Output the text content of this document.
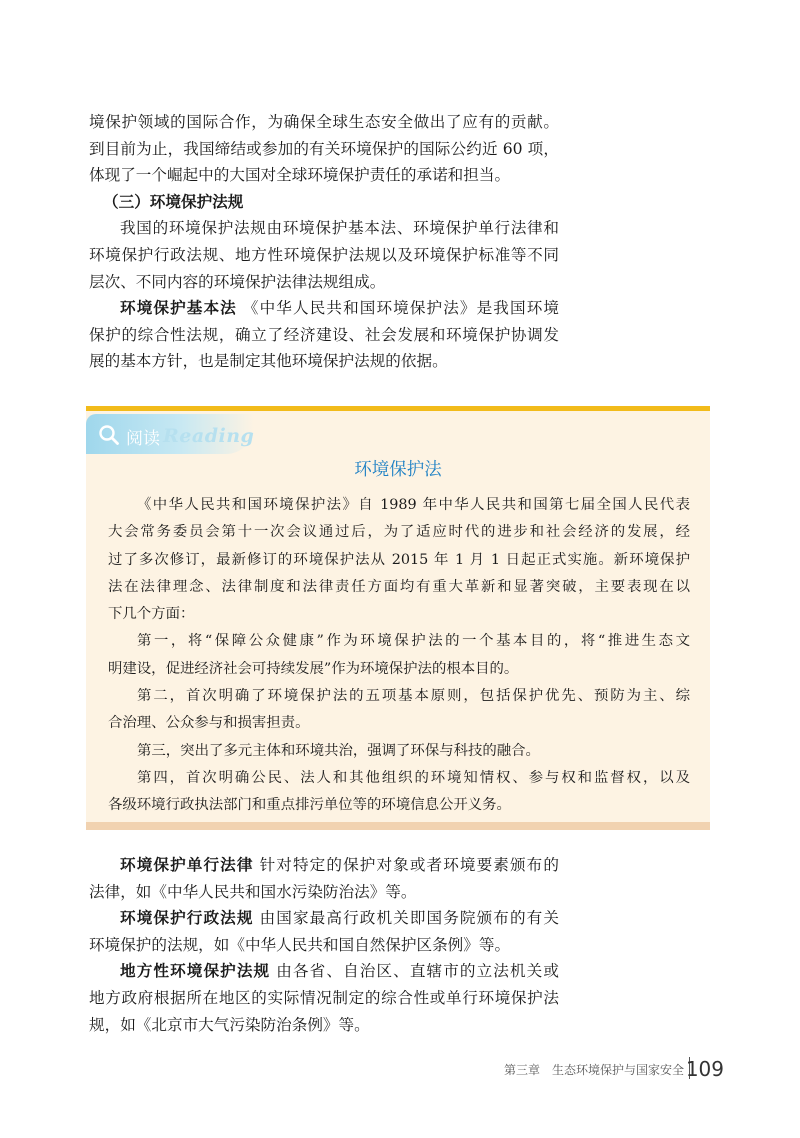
境保护领域的国际合作，为确保全球生态安全做出了应有的贡献。

到目前为止，我国缔结或参加的有关环境保护的国际公约近 60 项，

体现了一个崛起中的大国对全球环境保护责任的承诺和担当。

（三）环境保护法规

我国的环境保护法规由环境保护基本法、环境保护单行法律和

环境保护行政法规、地方性环境保护法规以及环境保护标准等不同

层次、不同内容的环境保护法律法规组成。

环境保护基本法 《中华人民共和国环境保护法》是我国环境

保护的综合性法规，确立了经济建设、社会发展和环境保护协调发

展的基本方针，也是制定其他环境保护法规的依据。

阅读 Reading
环境保护法

《中华人民共和国环境保护法》自 1989 年中华人民共和国第七届全国人民代表

大会常务委员会第十一次会议通过后，为了适应时代的进步和社会经济的发展，经

过了多次修订，最新修订的环境保护法从 2015 年 1 月 1 日起正式实施。新环境保护

法在法律理念、法律制度和法律责任方面均有重大革新和显著突破，主要表现在以

下几个方面：

第一，将“保障公众健康”作为环境保护法的一个基本目的，将“推进生态文

明建设，促进经济社会可持续发展”作为环境保护法的根本目的。

第二，首次明确了环境保护法的五项基本原则，包括保护优先、预防为主、综

合治理、公众参与和损害担责。

第三，突出了多元主体和环境共治，强调了环保与科技的融合。

第四，首次明确公民、法人和其他组织的环境知情权、参与权和监督权，以及

各级环境行政执法部门和重点排污单位等的环境信息公开义务。

环境保护单行法律 针对特定的保护对象或者环境要素颁布的

法律，如《中华人民共和国水污染防治法》等。

环境保护行政法规 由国家最高行政机关即国务院颁布的有关

环境保护的法规，如《中华人民共和国自然保护区条例》等。

地方性环境保护法规 由各省、自治区、直辖市的立法机关或

地方政府根据所在地区的实际情况制定的综合性或单行环境保护法

规，如《北京市大气污染防治条例》等。

第三章　生态环境保护与国家安全 109
